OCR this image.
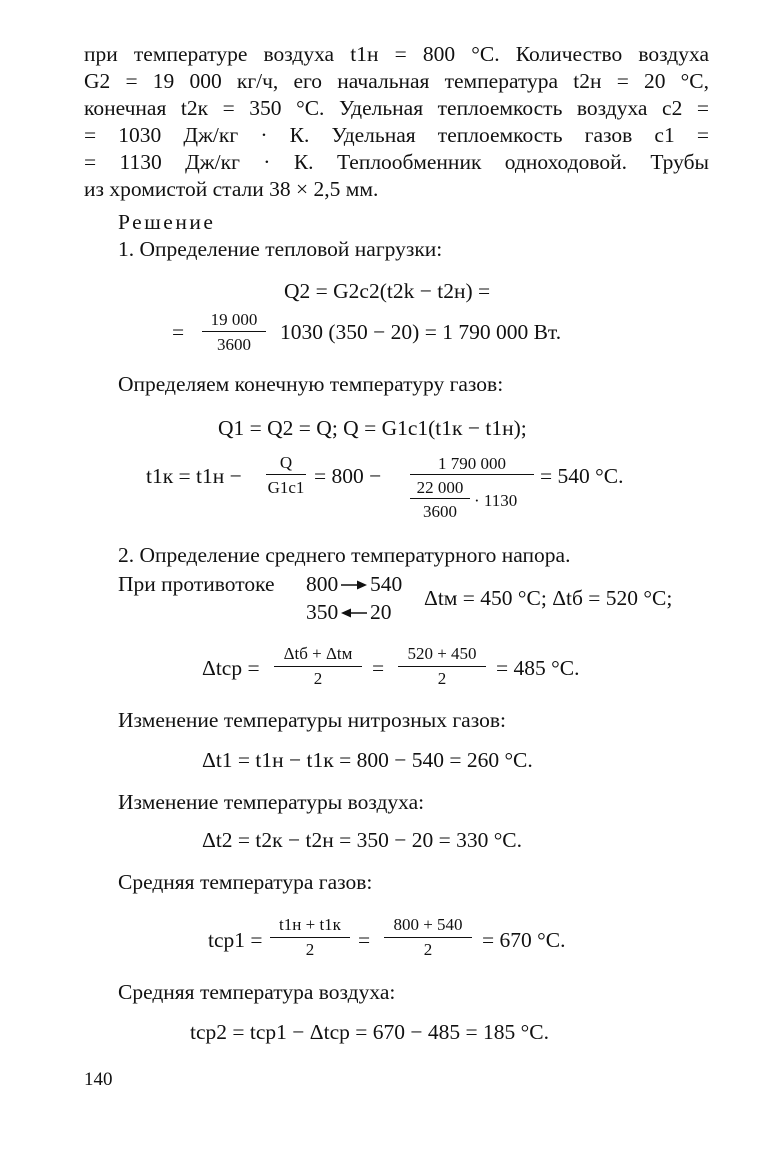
при температуре воздуха t1н = 800 °С. Количество воздуха
G2 = 19 000 кг/ч, его начальная температура t2н = 20 °С,
конечная t2к = 350 °С. Удельная теплоемкость воздуха c2 =
= 1030 Дж/кг · К. Удельная теплоемкость газов c1 =
= 1130 Дж/кг · К. Теплообменник одноходовой. Трубы
из хромистой стали 38 × 2,5 мм.
Решение
1. Определение тепловой нагрузки:
Q2 = G2c2(t2k − t2н) =
=
19 000
3600
1030 (350 − 20) = 1 790 000 Вт.
Определяем конечную температуру газов:
Q1 = Q2 = Q; Q = G1c1(t1к − t1н);
t1к = t1н −
Q
G1c1 = 800 −
1 790 000
22 000
3600
· 1130
= 540 °С.
2. Определение среднего температурного напора.
При противотоке 800 540
350 20
Δtм = 450 °С; Δtб = 520 °С;
Δtср =
Δtб + Δtм
2	=
520 + 450
2	= 485 °С.
Изменение температуры нитрозных газов:
Δt1 = t1н − t1к = 800 − 540 = 260 °С.
Изменение температуры воздуха:
Δt2 = t2к − t2н = 350 − 20 = 330 °С.
Средняя температура газов:
tср1 =
t1н + t1к
2	=
800 + 540
2	= 670 °С.
Средняя температура воздуха:
tср2 = tср1 − Δtср = 670 − 485 = 185 °С.
140
